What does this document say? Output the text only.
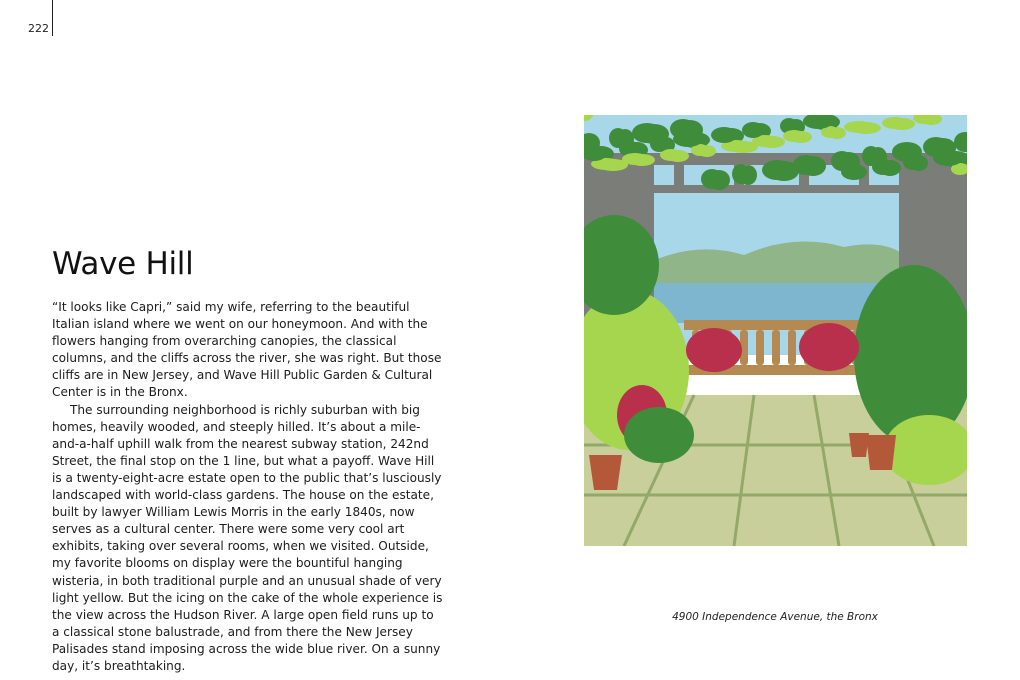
222
Wave Hill

“It looks like Capri,” said my wife, referring to the beautiful Italian island where we went on our honeymoon. And with the flowers hanging from overarching canopies, the classical columns, and the cliffs across the river, she was right. But those cliffs are in New Jersey, and Wave Hill Public Garden & Cultural Center is in the Bronx.

The surrounding neighborhood is richly suburban with big homes, heavily wooded, and steeply hilled. It’s about a mile-and-a-half uphill walk from the nearest subway station, 242nd Street, the final stop on the 1 line, but what a payoff. Wave Hill is a twenty-eight-acre estate open to the public that’s lusciously landscaped with world-class gardens. The house on the estate, built by lawyer William Lewis Morris in the early 1840s, now serves as a cultural center. There were some very cool art exhibits, taking over several rooms, when we visited. Outside, my favorite blooms on display were the bountiful hanging wisteria, in both traditional purple and an unusual shade of very light yellow. But the icing on the cake of the whole experience is the view across the Hudson River. A large open field runs up to a classical stone balustrade, and from there the New Jersey Palisades stand imposing across the wide blue river. On a sunny day, it’s breathtaking.

4900 Independence Avenue, the Bronx
